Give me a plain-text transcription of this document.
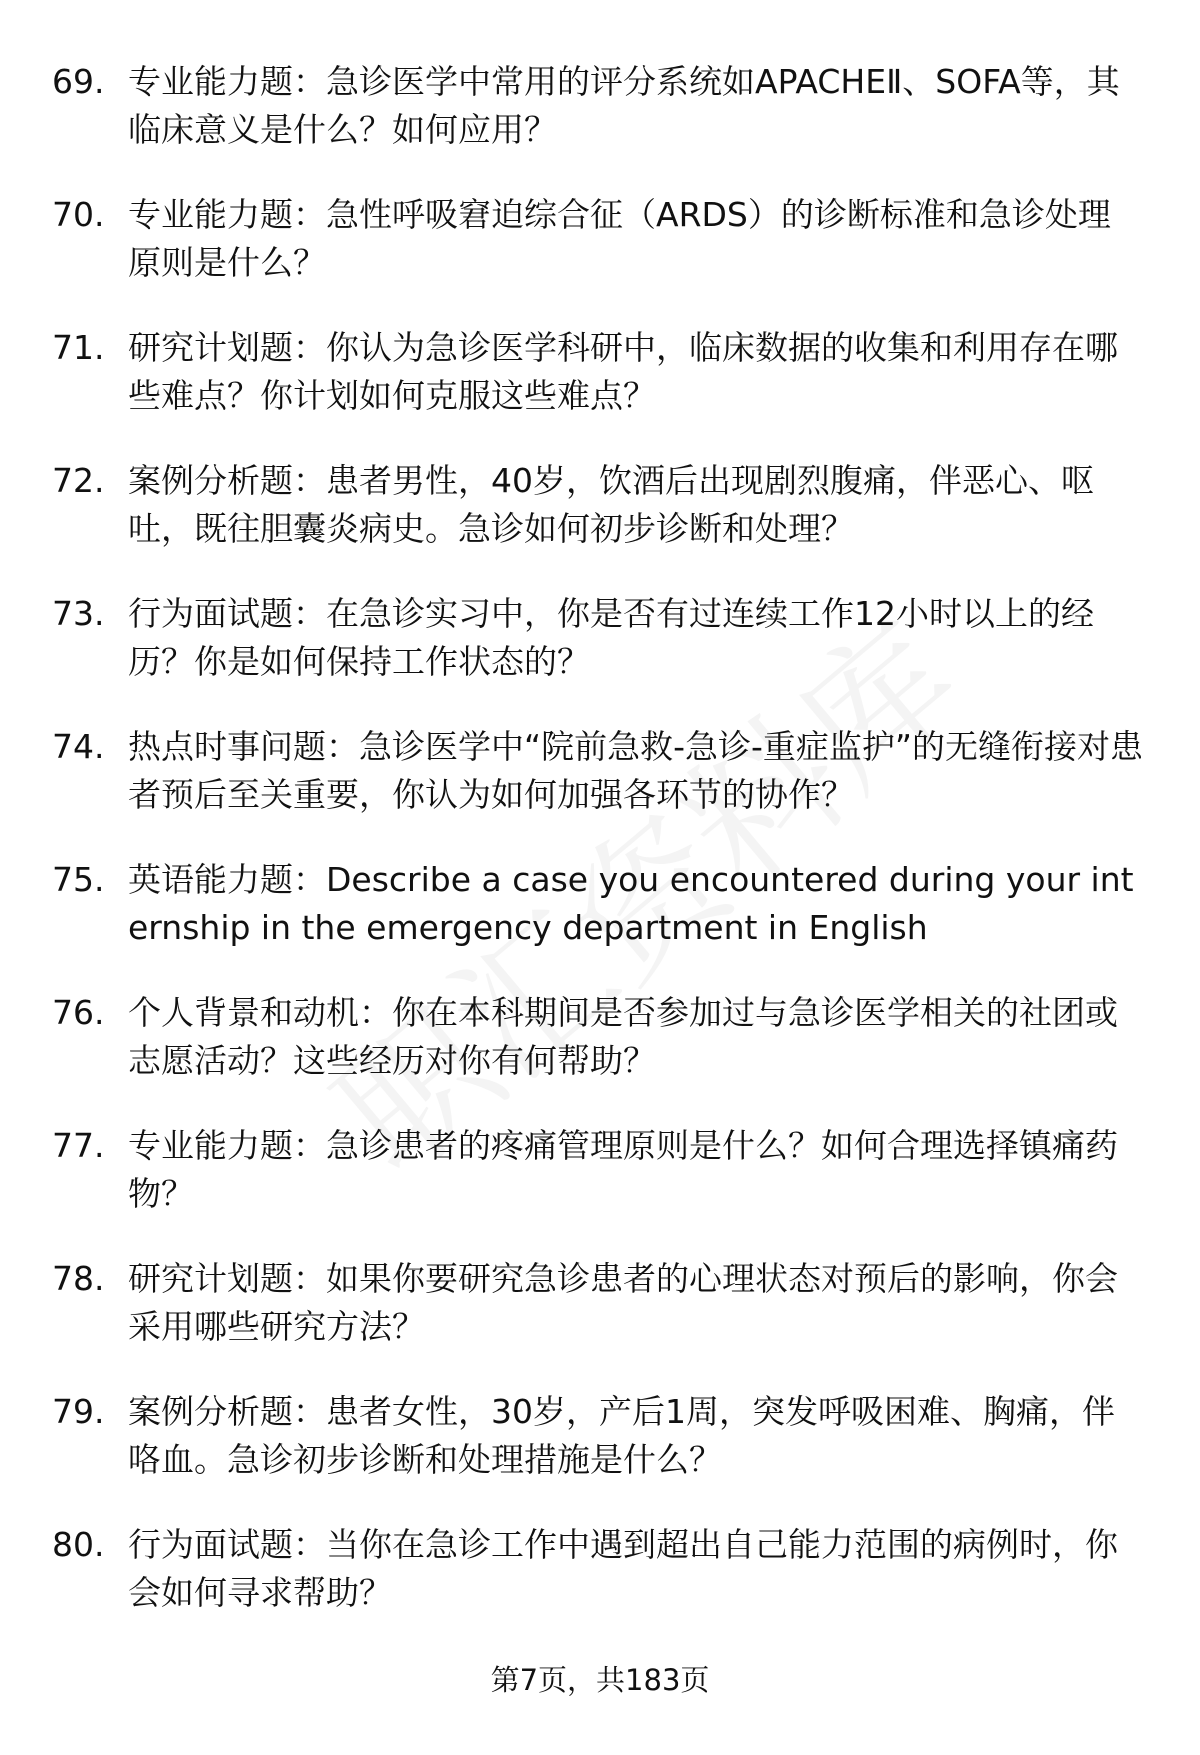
69. 专业能力题：急诊医学中常用的评分系统如APACHEⅡ、SOFA等，其临床意义是什么？如何应用？
70. 专业能力题：急性呼吸窘迫综合征（ARDS）的诊断标准和急诊处理原则是什么？
71. 研究计划题：你认为急诊医学科研中，临床数据的收集和利用存在哪些难点？你计划如何克服这些难点？
72. 案例分析题：患者男性，40岁，饮酒后出现剧烈腹痛，伴恶心、呕吐，既往胆囊炎病史。急诊如何初步诊断和处理？
73. 行为面试题：在急诊实习中，你是否有过连续工作12小时以上的经历？你是如何保持工作状态的？
74. 热点时事问题：急诊医学中“院前急救-急诊-重症监护”的无缝衔接对患者预后至关重要，你认为如何加强各环节的协作？
75. 英语能力题：Describe a case you encountered during your internship in the emergency department in English
76. 个人背景和动机：你在本科期间是否参加过与急诊医学相关的社团或志愿活动？这些经历对你有何帮助？
77. 专业能力题：急诊患者的疼痛管理原则是什么？如何合理选择镇痛药物？
78. 研究计划题：如果你要研究急诊患者的心理状态对预后的影响，你会采用哪些研究方法？
79. 案例分析题：患者女性，30岁，产后1周，突发呼吸困难、胸痛，伴咯血。急诊初步诊断和处理措施是什么？
80. 行为面试题：当你在急诊工作中遇到超出自己能力范围的病例时，你会如何寻求帮助？
第7页，共183页
